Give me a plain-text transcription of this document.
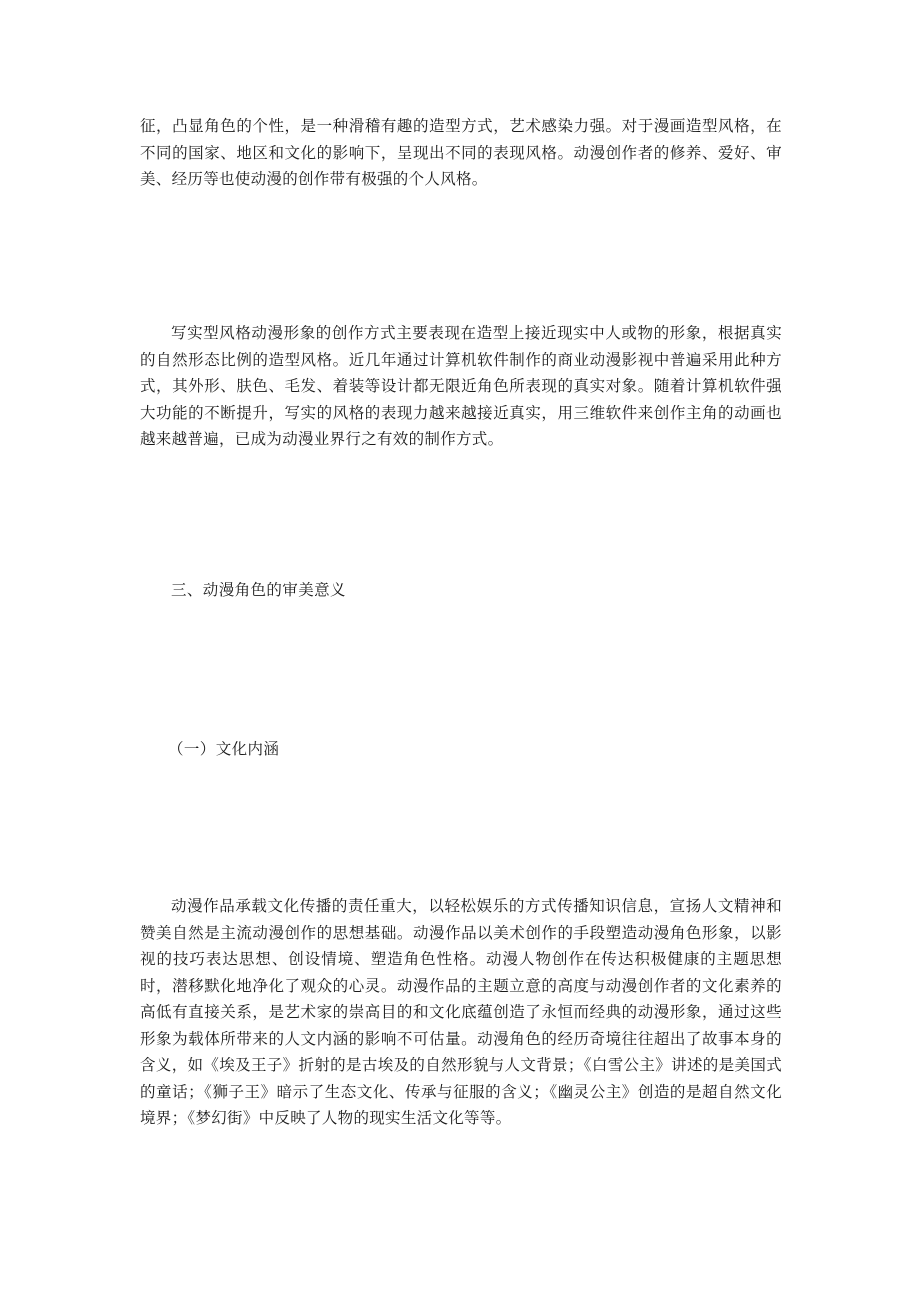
征，凸显角色的个性，是一种滑稽有趣的造型方式，艺术感染力强。对于漫画造型风格，在不同的国家、地区和文化的影响下，呈现出不同的表现风格。动漫创作者的修养、爱好、审美、经历等也使动漫的创作带有极强的个人风格。

写实型风格动漫形象的创作方式主要表现在造型上接近现实中人或物的形象，根据真实的自然形态比例的造型风格。近几年通过计算机软件制作的商业动漫影视中普遍采用此种方式，其外形、肤色、毛发、着装等设计都无限近角色所表现的真实对象。随着计算机软件强大功能的不断提升，写实的风格的表现力越来越接近真实，用三维软件来创作主角的动画也越来越普遍，已成为动漫业界行之有效的制作方式。

三、动漫角色的审美意义
（一）文化内涵

动漫作品承载文化传播的责任重大，以轻松娱乐的方式传播知识信息，宣扬人文精神和赞美自然是主流动漫创作的思想基础。动漫作品以美术创作的手段塑造动漫角色形象，以影视的技巧表达思想、创设情境、塑造角色性格。动漫人物创作在传达积极健康的主题思想时，潜移默化地净化了观众的心灵。动漫作品的主题立意的高度与动漫创作者的文化素养的高低有直接关系，是艺术家的崇高目的和文化底蕴创造了永恒而经典的动漫形象，通过这些形象为载体所带来的人文内涵的影响不可估量。动漫角色的经历奇境往往超出了故事本身的含义，如《埃及王子》折射的是古埃及的自然形貌与人文背景；《白雪公主》讲述的是美国式的童话；《狮子王》暗示了生态文化、传承与征服的含义；《幽灵公主》创造的是超自然文化境界；《梦幻街》中反映了人物的现实生活文化等等。
